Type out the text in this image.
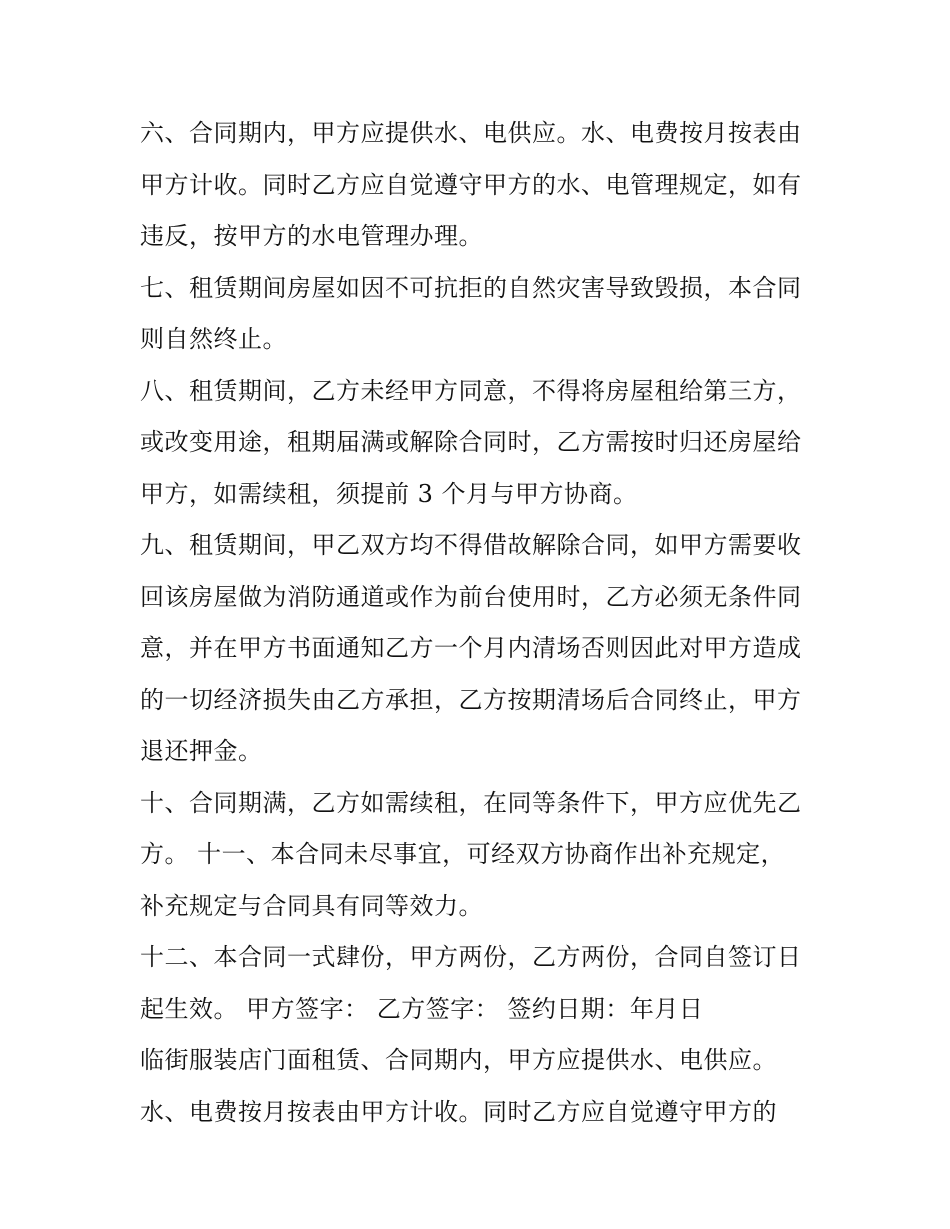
六、合同期内，甲方应提供水、电供应。水、电费按月按表由
甲方计收。同时乙方应自觉遵守甲方的水、电管理规定，如有
违反，按甲方的水电管理办理。
七、租赁期间房屋如因不可抗拒的自然灾害导致毁损，本合同
则自然终止。
八、租赁期间，乙方未经甲方同意，不得将房屋租给第三方，
或改变用途，租期届满或解除合同时，乙方需按时归还房屋给
甲方，如需续租，须提前 3 个月与甲方协商。
九、租赁期间，甲乙双方均不得借故解除合同，如甲方需要收
回该房屋做为消防通道或作为前台使用时，乙方必须无条件同
意，并在甲方书面通知乙方一个月内清场否则因此对甲方造成
的一切经济损失由乙方承担，乙方按期清场后合同终止，甲方
退还押金。
十、合同期满，乙方如需续租，在同等条件下，甲方应优先乙
方。 十一、本合同未尽事宜，可经双方协商作出补充规定，
补充规定与合同具有同等效力。
十二、本合同一式肆份，甲方两份，乙方两份，合同自签订日
起生效。 甲方签字： 乙方签字： 签约日期：年月日
临街服装店门面租赁、合同期内，甲方应提供水、电供应。
水、电费按月按表由甲方计收。同时乙方应自觉遵守甲方的
